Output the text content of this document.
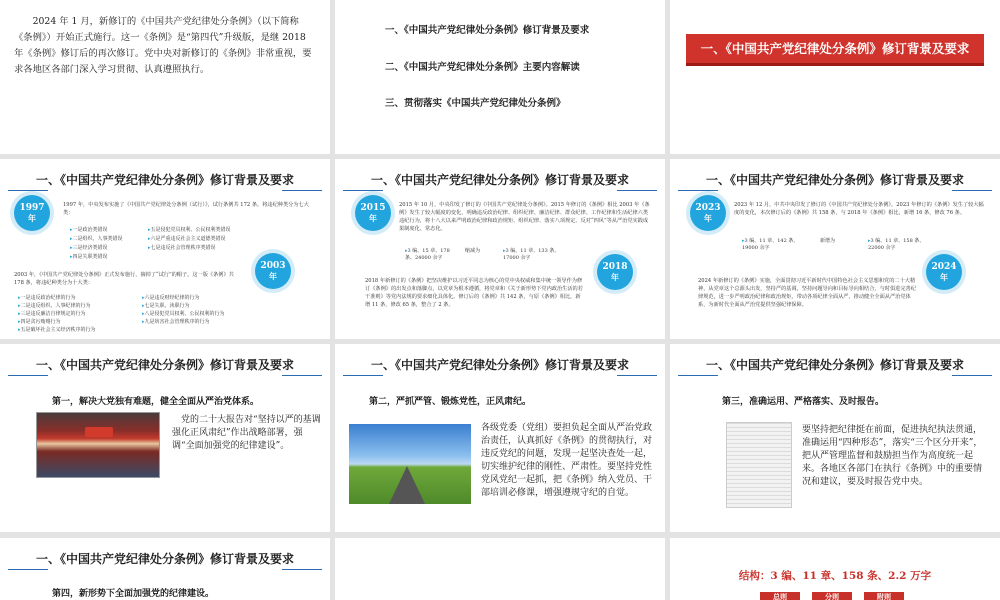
2024 年 1 月，新修订的《中国共产党纪律处分条例》（以下简称《条例》）开始正式施行。这一《条例》是“第四代”升级版，是继 2018 年《条例》修订后的再次修订。党中央对新修订的《条例》非常重视，要求各地区各部门深入学习贯彻、认真遵照执行。
一、《中国共产党纪律处分条例》修订背景及要求
二、《中国共产党纪律处分条例》主要内容解读
三、贯彻落实《中国共产党纪律处分条例》
一、《中国共产党纪律处分条例》修订背景及要求
一、《中国共产党纪律处分条例》修订背景及要求
1997
年
1997 年，中央发布实施了《中国共产党纪律处分条例（试行）》，试行条例共 172 条。将违纪种类分为七大类：
▸ 一是政治类错误
▸ 二是组织、人事类错误
▸ 三是经济类错误
▸ 四是失职类错误
▸ 五是侵犯党员权利、公民权利类错误
▸ 六是严重违反社会主义道德类错误
▸ 七是违反社会管理秩序类错误
2003
年
2003 年，《中国共产党纪律处分条例》正式发布施行，摘掉了“试行”的帽子。这一版《条例》共 178 条，将违纪种类分为十大类：
▸ 一是违反政治纪律的行为
▸ 二是违反组织、人事纪律的行为
▸ 三是违反廉洁自律规定的行为
▸ 四是贪污贿赂行为
▸ 五是破坏社会主义经济秩序的行为
▸ 六是违反财经纪律的行为
▸ 七是失职、渎职行为
▸ 八是侵犯党员权利、公民权利的行为
▸ 九是妨害社会管理秩序的行为
一、《中国共产党纪律处分条例》修订背景及要求
2015
年
2015 年 10 月，中央印发了修订的《中国共产党纪律处分条例》。2015 年修订的《条例》相比 2003 年《条例》发生了较大幅度的变化，明确违反政治纪律、组织纪律、廉洁纪律、群众纪律、工作纪律和生活纪律六类违纪行为，将十八大以来严明政治纪律和政治规矩、组织纪律、落实八项规定、反对“四风”等从严治党实践成果制度化、常态化。
▸ 3 编、15 章、178 条、24000 余字
缩减为	▸ 3 编、11 章、133 条、17000 余字
2018
年
2018 年新修订的《条例》把坚决维护以习近平同志为核心的党中央权威和集中统一领导作为修订《条例》的出发点和落脚点，以党章为根本遵循，将党章和《关于新形势下党内政治生活的若干准则》等党内法规的要求细化具体化。修订后的《条例》共 142 条，与原《条例》相比，新增 11 条，修改 65 条，整合了 2 条。
一、《中国共产党纪律处分条例》修订背景及要求
2023
年
2023 年 12 月，中共中央印发了修订的《中国共产党纪律处分条例》。2023 年修订的《条例》发生了较大幅度的变化，本次修订后的《条例》共 158 条，与 2018 年《条例》相比，新增 16 条，修改 76 条。
▸ 3 编、11 章、142 条、19000 余字
新增为	▸ 3 编、11 章、158 条、22000 余字
2024
年
2024 年新修订的《条例》实施，全面贯彻习近平新时代中国特色社会主义思想和党的二十大精神，从党章这个总源头出发，坚持严的基调，坚持问题导向和目标导向相结合，与时俱进完善纪律规范，进一步严明政治纪律和政治规矩，带动各项纪律全面从严，推动健全全面从严治党体系，为新时代全面从严治党提供坚强纪律保障。
一、《中国共产党纪律处分条例》修订背景及要求
第一，解决大党独有难题，健全全面从严治党体系。
党的二十大报告对“坚持以严的基调强化正风肃纪”作出战略部署，强调“全面加强党的纪律建设”。
一、《中国共产党纪律处分条例》修订背景及要求
第二，严抓严管、锻炼党性，正风肃纪。
各级党委（党组）要担负起全面从严治党政治责任，认真抓好《条例》的贯彻执行，对违反党纪的问题，发现一起坚决查处一起，切实维护纪律的刚性、严肃性。要坚持党性党风党纪一起抓，把《条例》纳入党员、干部培训必修课，增强遵规守纪的自觉。
一、《中国共产党纪律处分条例》修订背景及要求
第三，准确运用、严格落实、及时报告。
要坚持把纪律挺在前面，促进执纪执法贯通，准确运用“四种形态”，落实“三个区分开来”，把从严管理监督和鼓励担当作为高度统一起来。各地区各部门在执行《条例》中的重要情况和建议，要及时报告党中央。
一、《中国共产党纪律处分条例》修订背景及要求
第四，新形势下全面加强党的纪律建设。
结构：3 编、11 章、158 条、2.2 万字
总则	分则	附则
